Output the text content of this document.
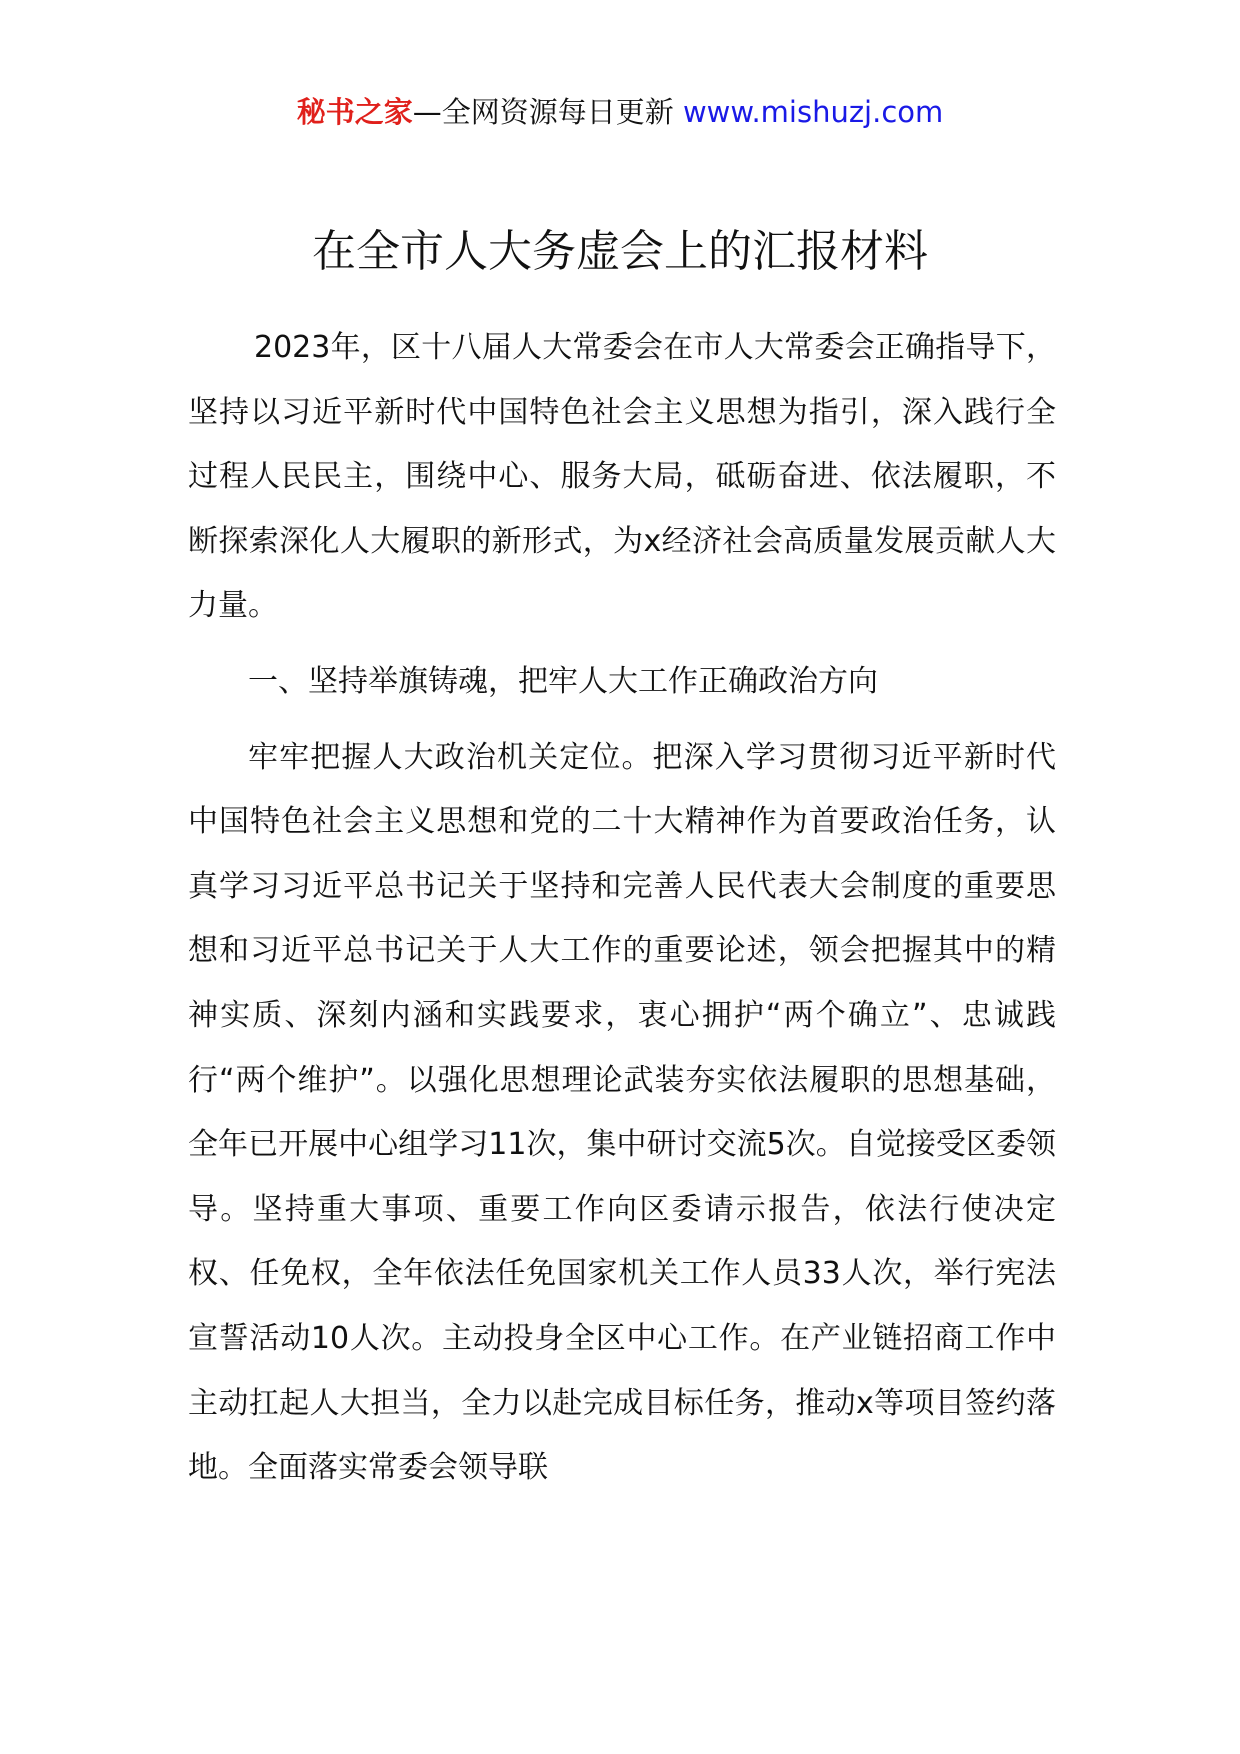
秘书之家—全网资源每日更新 www.mishuzj.com
在全市人大务虚会上的汇报材料

2023年，区十八届人大常委会在市人大常委会正确指导下，坚持以习近平新时代中国特色社会主义思想为指引，深入践行全过程人民民主，围绕中心、服务大局，砥砺奋进、依法履职，不断探索深化人大履职的新形式，为x经济社会高质量发展贡献人大力量。

一、坚持举旗铸魂，把牢人大工作正确政治方向

牢牢把握人大政治机关定位。把深入学习贯彻习近平新时代中国特色社会主义思想和党的二十大精神作为首要政治任务，认真学习习近平总书记关于坚持和完善人民代表大会制度的重要思想和习近平总书记关于人大工作的重要论述，领会把握其中的精神实质、深刻内涵和实践要求，衷心拥护“两个确立”、忠诚践行“两个维护”。以强化思想理论武装夯实依法履职的思想基础，全年已开展中心组学习11次，集中研讨交流5次。自觉接受区委领导。坚持重大事项、重要工作向区委请示报告，依法行使决定权、任免权，全年依法任免国家机关工作人员33人次，举行宪法宣誓活动10人次。主动投身全区中心工作。在产业链招商工作中主动扛起人大担当，全力以赴完成目标任务，推动x等项目签约落地。全面落实常委会领导联
